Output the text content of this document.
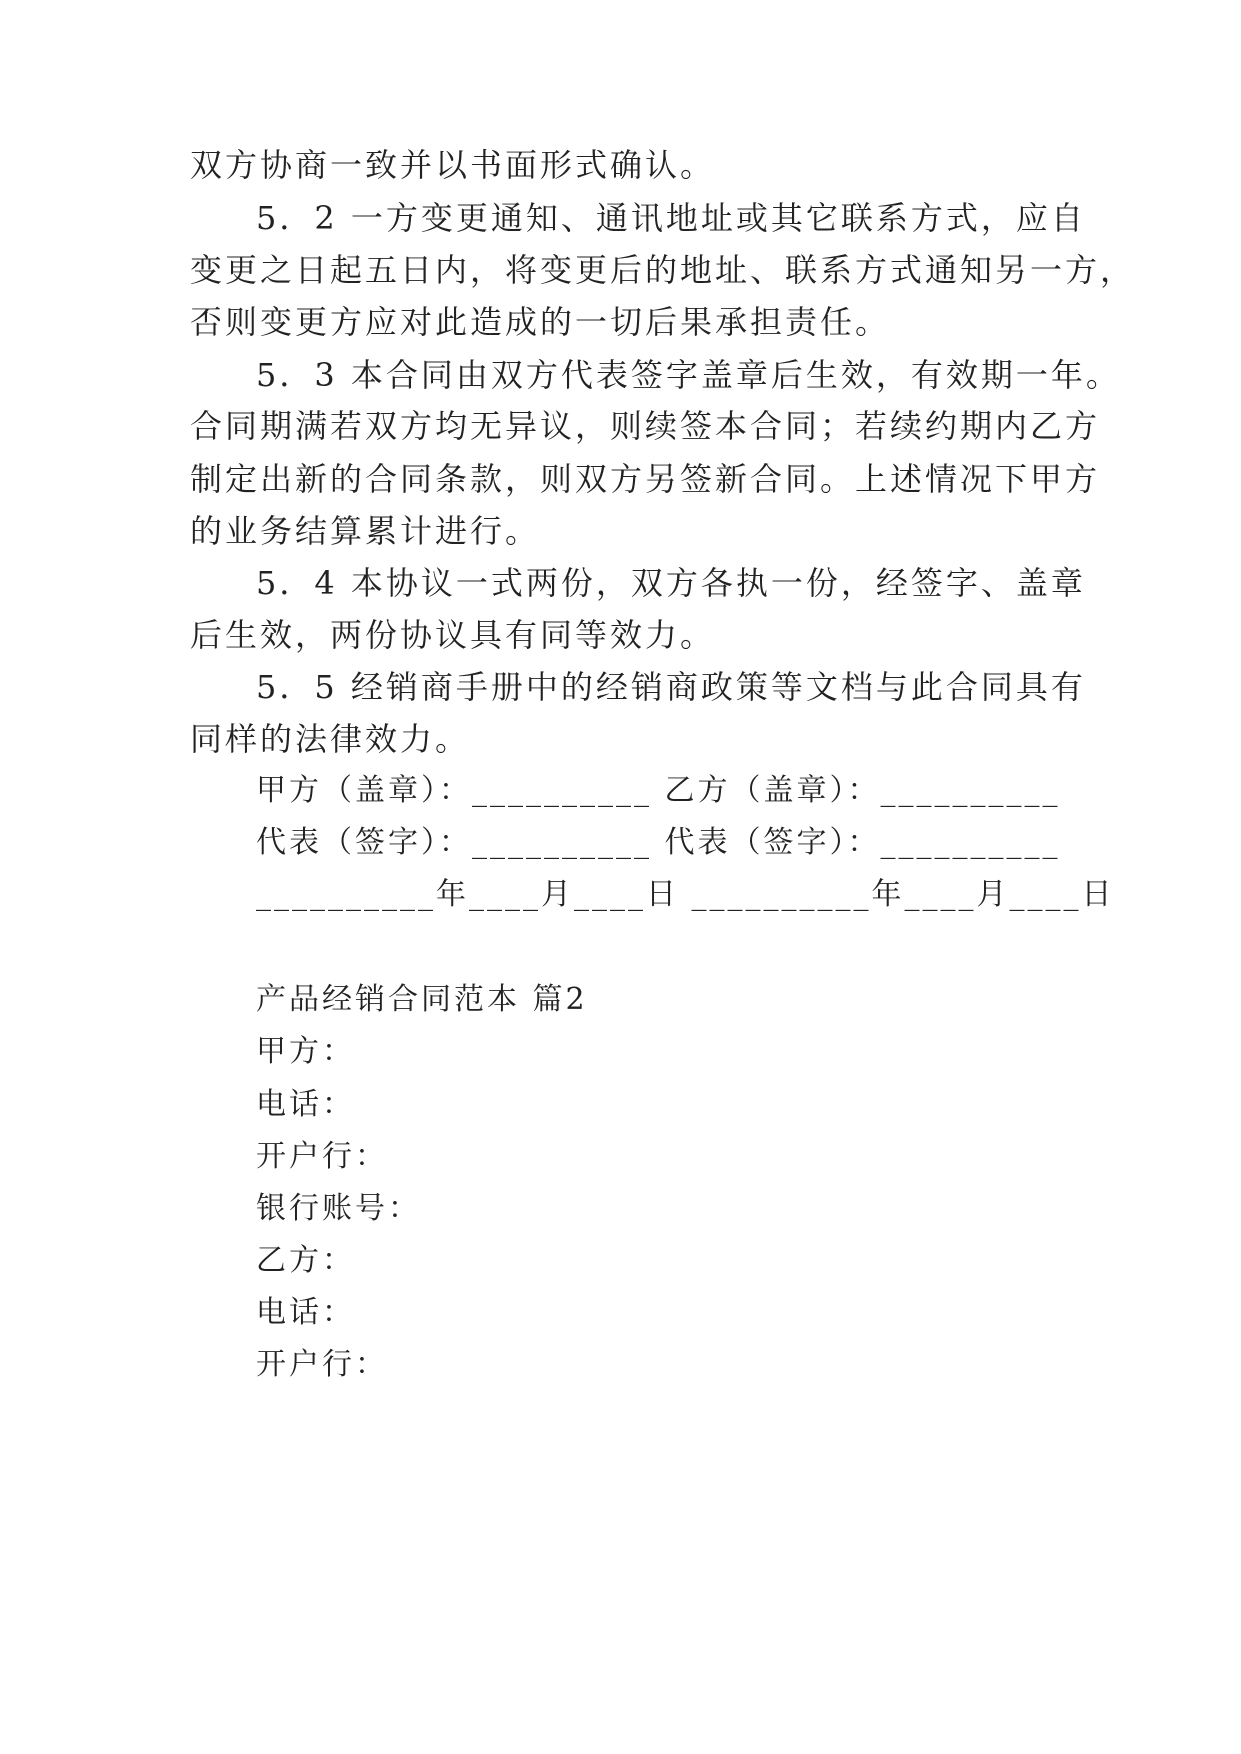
双方协商一致并以书面形式确认。
5．2 一方变更通知、通讯地址或其它联系方式，应自
变更之日起五日内，将变更后的地址、联系方式通知另一方，
否则变更方应对此造成的一切后果承担责任。
5．3 本合同由双方代表签字盖章后生效，有效期一年。
合同期满若双方均无异议，则续签本合同；若续约期内乙方
制定出新的合同条款，则双方另签新合同。上述情况下甲方
的业务结算累计进行。
5．4 本协议一式两份，双方各执一份，经签字、盖章
后生效，两份协议具有同等效力。
5．5 经销商手册中的经销商政策等文档与此合同具有
同样的法律效力。
甲方（盖章）：__________ 乙方（盖章）：__________
代表（签字）：__________ 代表（签字）：__________
__________年____月____日 __________年____月____日
产品经销合同范本 篇2
甲方：
电话：
开户行：
银行账号：
乙方：
电话：
开户行：
